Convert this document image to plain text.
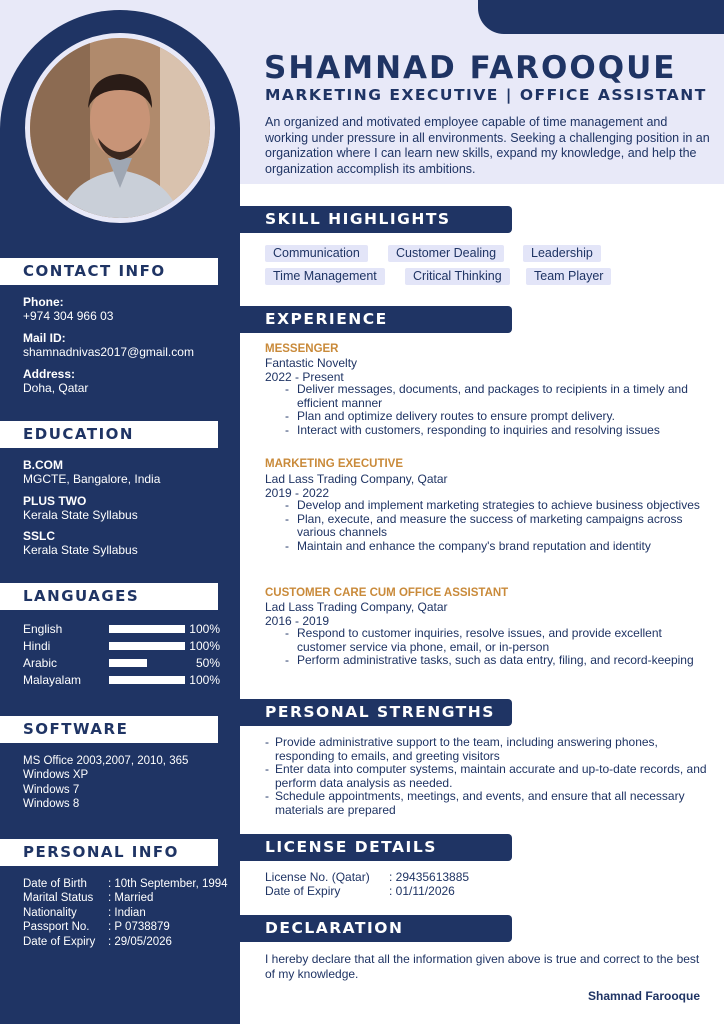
SHAMNAD FAROOQUE
MARKETING EXECUTIVE | OFFICE ASSISTANT
An organized and motivated employee capable of time management and working under pressure in all environments. Seeking a challenging position in an organization where I can learn new skills, expand my knowledge, and help the organization accomplish its ambitions.
CONTACT INFO
Phone:
+974 304 966 03
Mail ID:
shamnadnivas2017@gmail.com
Address:
Doha, Qatar
EDUCATION
B.COM
MGCTE, Bangalore, India
PLUS TWO
Kerala State Syllabus
SSLC
Kerala State Syllabus
LANGUAGES
English	100%
Hindi	100%
Arabic	50%
Malayalam	100%
SOFTWARE
MS Office 2003,2007, 2010, 365
Windows XP
Windows 7
Windows 8
PERSONAL INFO
Date of Birth : 10th September, 1994
Marital Status : Married
Nationality	: Indian
Passport No. : P 0738879
Date of Expiry : 29/05/2026
SKILL HIGHLIGHTS
Communication	Customer Dealing	Leadership
Time Management	Critical Thinking	Team Player
EXPERIENCE
MESSENGER
Fantastic Novelty
2022 - Present
- Deliver messages, documents, and packages to recipients in a timely and efficient manner
- Plan and optimize delivery routes to ensure prompt delivery.
- Interact with customers, responding to inquiries and resolving issues
MARKETING EXECUTIVE
Lad Lass Trading Company, Qatar
2019 - 2022
- Develop and implement marketing strategies to achieve business objectives
- Plan, execute, and measure the success of marketing campaigns across various channels
- Maintain and enhance the company's brand reputation and identity
CUSTOMER CARE CUM OFFICE ASSISTANT
Lad Lass Trading Company, Qatar
2016 - 2019
- Respond to customer inquiries, resolve issues, and provide excellent customer service via phone, email, or in-person
- Perform administrative tasks, such as data entry, filing, and record-keeping
PERSONAL STRENGTHS
- Provide administrative support to the team, including answering phones, responding to emails, and greeting visitors
- Enter data into computer systems, maintain accurate and up-to-date records, and perform data analysis as needed.
- Schedule appointments, meetings, and events, and ensure that all necessary materials are prepared
LICENSE DETAILS
License No. (Qatar) : 29435613885
Date of Expiry	: 01/11/2026
DECLARATION
I hereby declare that all the information given above is true and correct to the best of my knowledge.
Shamnad Farooque
